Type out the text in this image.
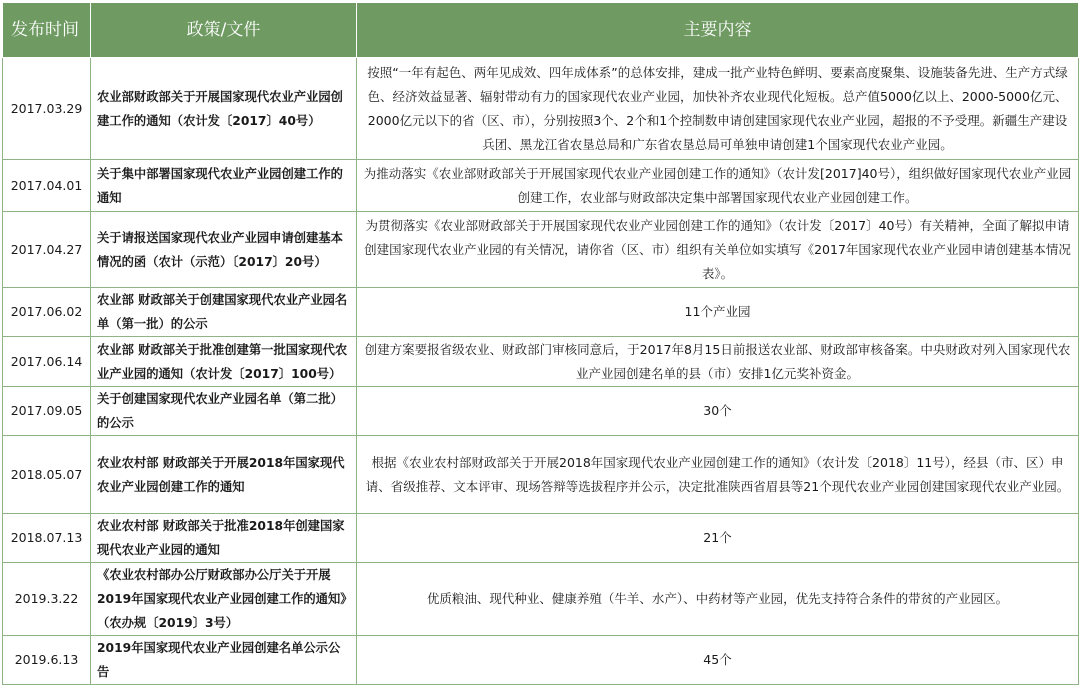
发布时间	政策/文件	主要内容
2017.03.29	农业部财政部关于开展国家现代农业产业园创建工作的通知（农计发〔2017〕40号）	按照“一年有起色、两年见成效、四年成体系”的总体安排，建成一批产业特色鲜明、要素高度聚集、设施装备先进、生产方式绿色、经济效益显著、辐射带动有力的国家现代农业产业园，加快补齐农业现代化短板。总产值5000亿以上、2000-5000亿元、2000亿元以下的省（区、市），分别按照3个、2个和1个控制数申请创建国家现代农业产业园，超报的不予受理。新疆生产建设兵团、黑龙江省农垦总局和广东省农垦总局可单独申请创建1个国家现代农业产业园。
2017.04.01	关于集中部署国家现代农业产业园创建工作的通知	为推动落实《农业部财政部关于开展国家现代农业产业园创建工作的通知》（农计发[2017]40号），组织做好国家现代农业产业园创建工作，农业部与财政部决定集中部署国家现代农业产业园创建工作。
2017.04.27	关于请报送国家现代农业产业园申请创建基本情况的函（农计（示范）〔2017〕20号）	为贯彻落实《农业部财政部关于开展国家现代农业产业园创建工作的通知》（农计发〔2017〕40号）有关精神，全面了解拟申请创建国家现代农业产业园的有关情况，请你省（区、市）组织有关单位如实填写《2017年国家现代农业产业园申请创建基本情况表》。
2017.06.02	农业部 财政部关于创建国家现代农业产业园名单（第一批）的公示	11个产业园
2017.06.14	农业部 财政部关于批准创建第一批国家现代农业产业园的通知（农计发〔2017〕100号）	创建方案要报省级农业、财政部门审核同意后，于2017年8月15日前报送农业部、财政部审核备案。中央财政对列入国家现代农业产业园创建名单的县（市）安排1亿元奖补资金。
2017.09.05	关于创建国家现代农业产业园名单（第二批）的公示	30个
2018.05.07	农业农村部 财政部关于开展2018年国家现代农业产业园创建工作的通知	根据《农业农村部财政部关于开展2018年国家现代农业产业园创建工作的通知》（农计发〔2018〕11号），经县（市、区）申请、省级推荐、文本评审、现场答辩等选拔程序并公示，决定批准陕西省眉县等21个现代农业产业园创建国家现代农业产业园。
2018.07.13	农业农村部 财政部关于批准2018年创建国家现代农业产业园的通知	21个
2019.3.22	《农业农村部办公厅财政部办公厅关于开展2019年国家现代农业产业园创建工作的通知》（农办规〔2019〕3号）	优质粮油、现代种业、健康养殖（牛羊、水产）、中药材等产业园，优先支持符合条件的带贫的产业园区。
2019.6.13	2019年国家现代农业产业园创建名单公示公告	45个
